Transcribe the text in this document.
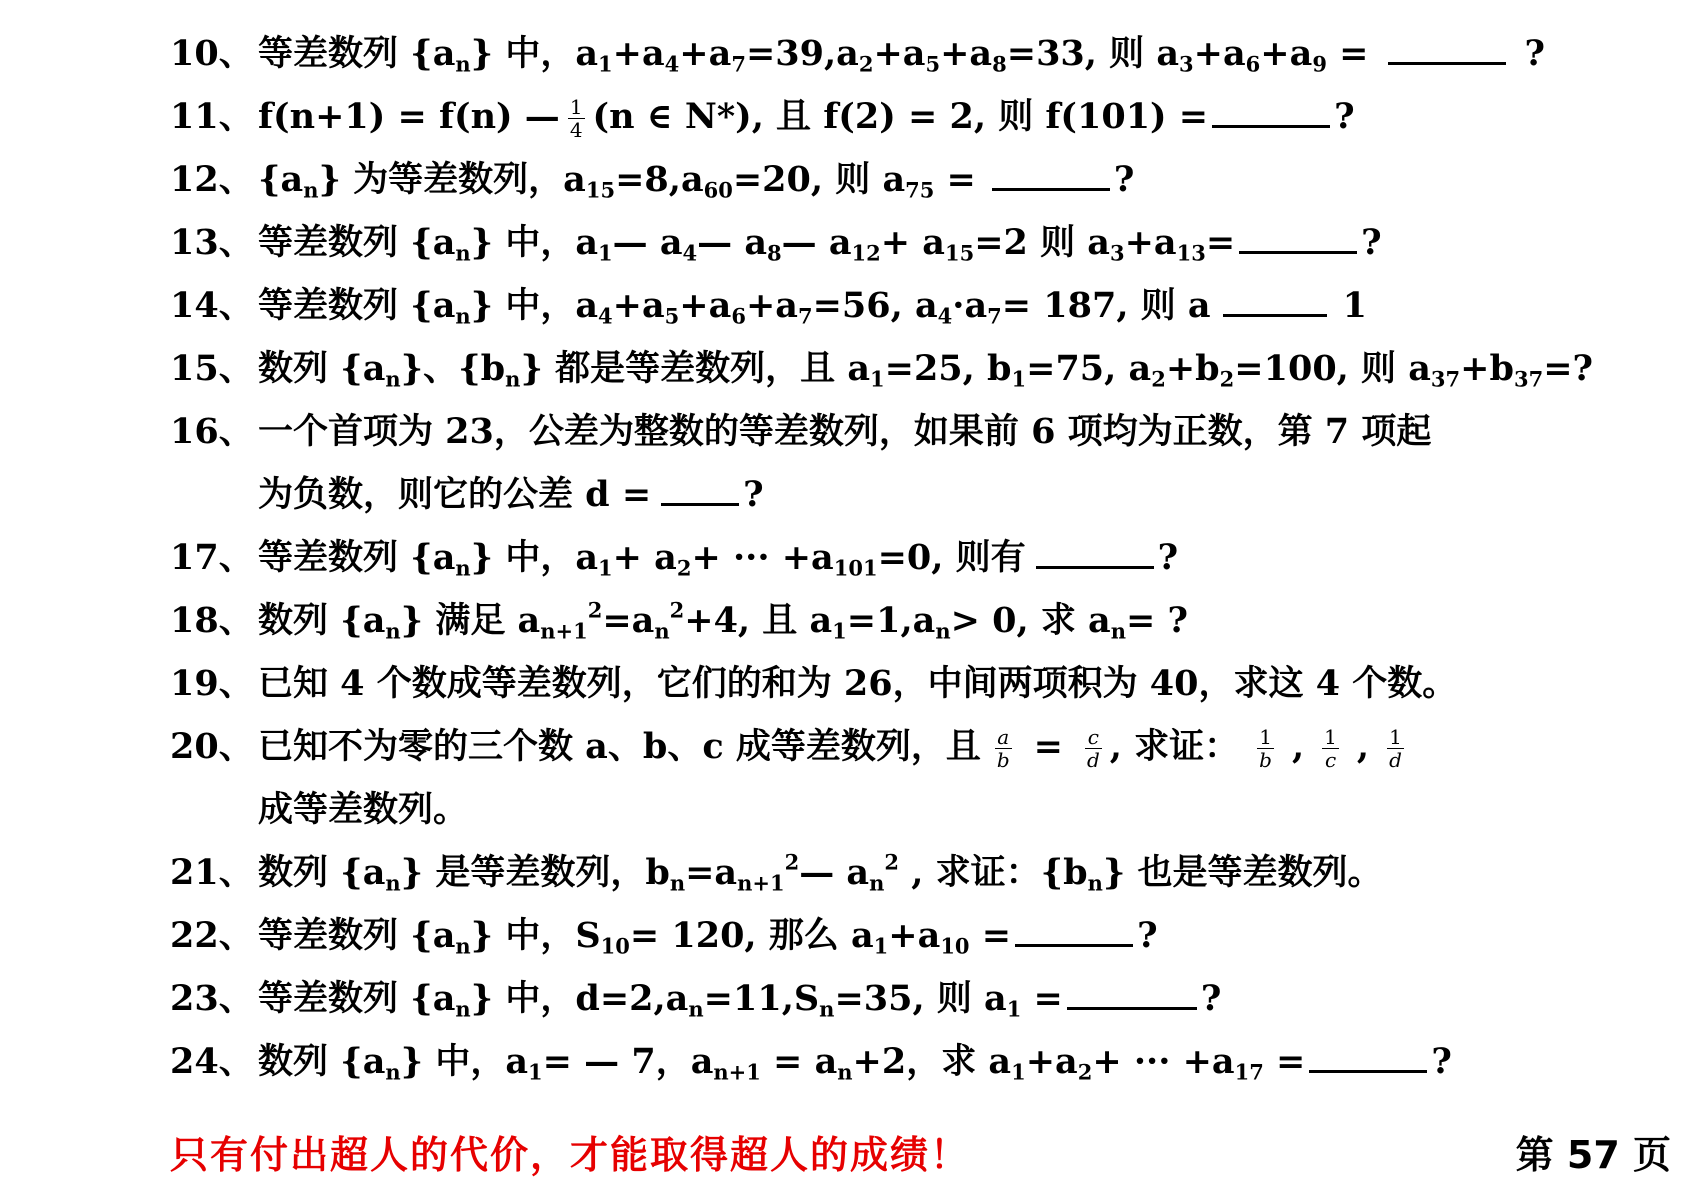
10、 等差数列 $\{a_n\}$ 中，$a_1+a_4+a_7=39,a_2+a_5+a_8=33$, 则 $a_3+a_6+a_9$ =	?
11、 f(n+1) = f(n) — $\frac{1}{4} (n$ ∈ N*), 且 f(2) = 2, 则 f(101) =	?
12、 $\{a_n\}$ 为等差数列，$a_{15}=8,a_{60}=20$, 则 $a_{75}$ =	?
13、 等差数列 $\{a_n\}$ 中，$a_1—$ $a_4—$ $a_8—$ $a_{12}+ a_{15}=2$ 则 $a_3+a_{13}=$	?
14、 等差数列 $\{a_n\}$ 中，$a_4+a_5+a_6+a_7=56$, $a_4\cdot a_7= 187$, 则 a	1
15、 数列 $\{a_n\}$、$\{b_n\}$ 都是等差数列，且 $a_1=25$, $b_1=75$, $a_2+b_2=100$, 则 $a_{37}+b_{37}=$?
16、 一个首项为 23，公差为整数的等差数列，如果前 6 项均为正数，第 7 项起
为负数，则它的公差 d =	?
17、 等差数列 $\{a_n\}$ 中，$a_1+ a_2+$ ··· $+a_{101}=0$, 则有	?
18、 数列 $\{a_n\}$ 满足 $a_{n+1}^2=a_n^2+4$, 且 $a_1=1,a_n> 0$, 求 $a_n=$ ?
19、 已知 4 个数成等差数列，它们的和为 26，中间两项积为 40，求这 4 个数。
20、 已知不为零的三个数 a、b、c 成等差数列，且 $\frac{a}{b} = \frac{c}{d}$ , 求证： $\frac{1}{b}$ , $\frac{1}{c}$ , $\frac{1}{d}$
成等差数列。
21、 数列 $\{a_n\}$ 是等差数列，$b_n=a_{n+1}^2—$ $a_n^2$ , 求证：$\{b_n\}$ 也是等差数列。
22、 等差数列 $\{a_n\}$ 中，$S_{10}= 120$, 那么 $a_1+a_{10}$ =	?
23、 等差数列 $\{a_n\}$ 中，$d=2,a_n=11,S_n=35$, 则 $a_1$ =	?
24、 数列 $\{a_n\}$ 中，$a_1=$ — 7，$a_{n+1} = a_n+2$，求 $a_1+a_2+$ ··· $+a_{17}$ =	?
只有付出超人的代价，才能取得超人的成绩！	第 57 页
